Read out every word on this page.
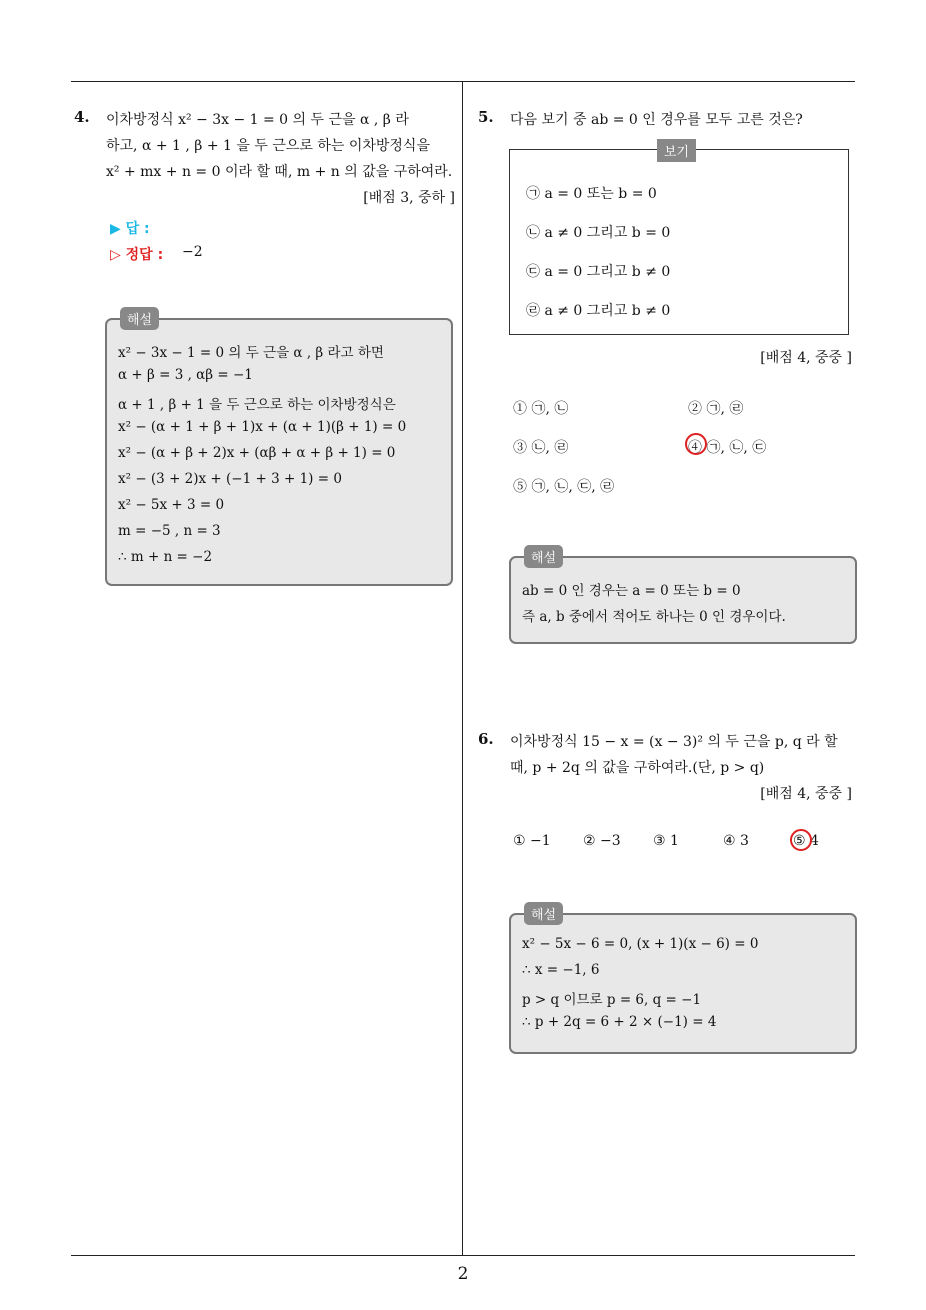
4. 이차방정식 x² − 3x − 1 = 0 의 두 근을 α , β 라
하고, α + 1 , β + 1 을 두 근으로 하는 이차방정식을
x² + mx + n = 0 이라 할 때, m + n 의 값을 구하여라.
[배점 3, 중하 ]
▶ 답 :
▷ 정답 : −2
해설
x² − 3x − 1 = 0 의 두 근을 α , β 라고 하면
α + β = 3 , αβ = −1
α + 1 , β + 1 을 두 근으로 하는 이차방정식은
x² − (α + 1 + β + 1)x + (α + 1)(β + 1) = 0
x² − (α + β + 2)x + (αβ + α + β + 1) = 0
x² − (3 + 2)x + (−1 + 3 + 1) = 0
x² − 5x + 3 = 0
m = −5 , n = 3
∴ m + n = −2
5. 다음 보기 중 ab = 0 인 경우를 모두 고른 것은?
보기
㉠ a = 0 또는 b = 0
㉡ a ≠ 0 그리고 b = 0
㉢ a = 0 그리고 b ≠ 0
㉣ a ≠ 0 그리고 b ≠ 0
[배점 4, 중중 ]
① ㉠, ㉡	② ㉠, ㉣
③ ㉡, ㉣	④ ㉠, ㉡, ㉢
⑤ ㉠, ㉡, ㉢, ㉣
해설
ab = 0 인 경우는 a = 0 또는 b = 0
즉 a, b 중에서 적어도 하나는 0 인 경우이다.
6. 이차방정식 15 − x = (x − 3)² 의 두 근을 p, q 라 할
때, p + 2q 의 값을 구하여라.(단, p > q)
[배점 4, 중중 ]
① −1 ② −3 ③ 1	④ 3	⑤ 4
해설
x² − 5x − 6 = 0, (x + 1)(x − 6) = 0
∴ x = −1, 6
p > q 이므로 p = 6, q = −1
∴ p + 2q = 6 + 2 × (−1) = 4
2
